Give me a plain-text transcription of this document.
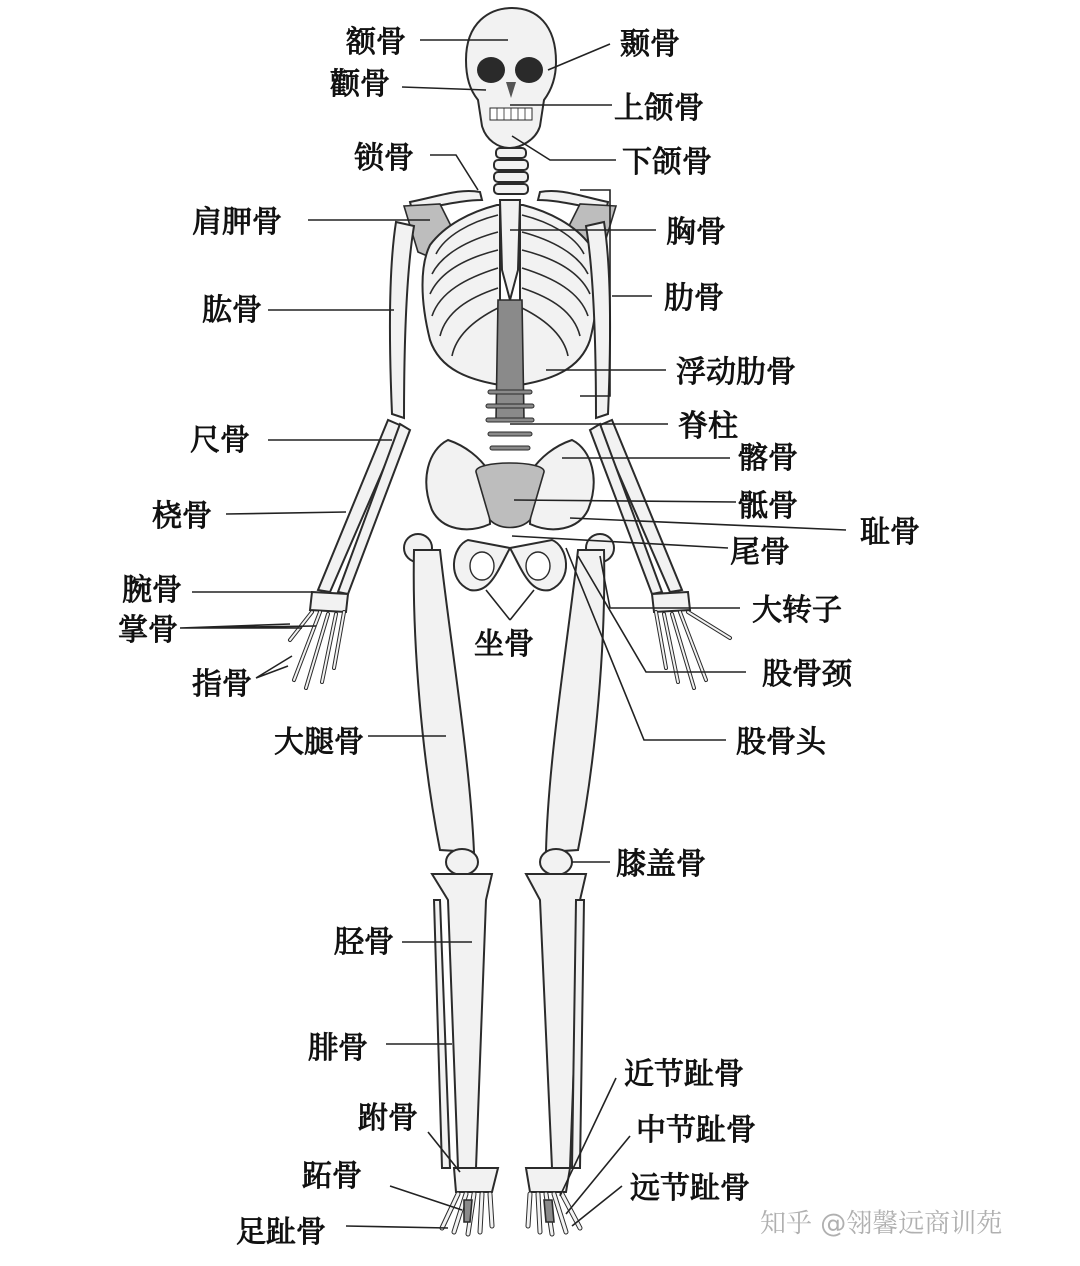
额骨	颞骨
颧骨
上颌骨
锁骨	下颌骨
肩胛骨	胸骨
肱骨	肋骨
浮动肋骨
脊柱
尺骨
髂骨
骶骨
桡骨	耻骨
尾骨
腕骨
大转子
掌骨	坐骨
指骨	股骨颈
大腿骨	股骨头
膝盖骨
胫骨
腓骨
近节趾骨
跗骨	中节趾骨
跖骨	远节趾骨
足趾骨	知乎 @翎馨远商训苑
